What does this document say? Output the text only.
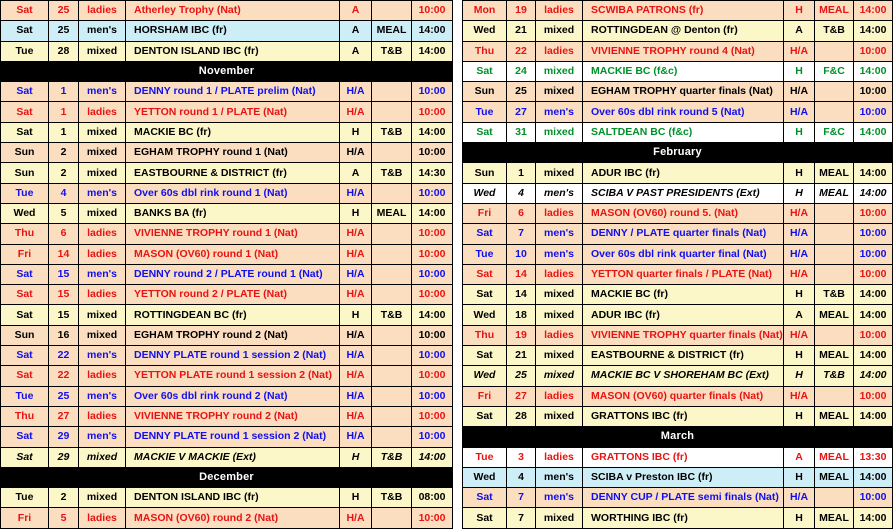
Sat	25	ladies	Atherley Trophy (Nat)	A		10:00
Sat	25	men's	HORSHAM IBC (fr)	A	MEAL	14:00
Tue	28	mixed	DENTON ISLAND IBC (fr)	A	T&B	14:00
November						
Sat	1	men's	DENNY round 1 / PLATE prelim (Nat)	H/A		10:00
Sat	1	ladies	YETTON round 1 / PLATE (Nat)	H/A		10:00
Sat	1	mixed	MACKIE BC (fr)	H	T&B	14:00
Sun	2	mixed	EGHAM TROPHY round 1 (Nat)	H/A		10:00
Sun	2	mixed	EASTBOURNE & DISTRICT (fr)	A	T&B	14:30
Tue	4	men's	Over 60s dbl rink round 1 (Nat)	H/A		10:00
Wed	5	mixed	BANKS BA (fr)	H	MEAL	14:00
Thu	6	ladies	VIVIENNE TROPHY round 1 (Nat)	H/A		10:00
Fri	14	ladies	MASON (OV60) round 1 (Nat)	H/A		10:00
Sat	15	men's	DENNY round 2 / PLATE round 1 (Nat)	H/A		10:00
Sat	15	ladies	YETTON round 2 / PLATE (Nat)	H/A		10:00
Sat	15	mixed	ROTTINGDEAN BC (fr)	H	T&B	14:00
Sun	16	mixed	EGHAM TROPHY round 2 (Nat)	H/A		10:00
Sat	22	men's	DENNY PLATE round 1 session 2 (Nat)	H/A		10:00
Sat	22	ladies	YETTON PLATE round 1 session 2 (Nat)	H/A		10:00
Tue	25	men's	Over 60s dbl rink round 2 (Nat)	H/A		10:00
Thu	27	ladies	VIVIENNE TROPHY round 2 (Nat)	H/A		10:00
Sat	29	men's	DENNY PLATE round 1 session 2 (Nat)	H/A		10:00
Sat	29	mixed	MACKIE V MACKIE (Ext)	H	T&B	14:00
December						
Tue	2	mixed	DENTON ISLAND IBC (fr)	H	T&B	08:00
Fri	5	ladies	MASON (OV60) round 2 (Nat)	H/A		10:00
Mon	19	ladies	SCWIBA PATRONS (fr)	H	MEAL	14:00
Wed	21	mixed	ROTTINGDEAN @ Denton (fr)	A	T&B	14:00
Thu	22	ladies	VIVIENNE TROPHY round 4 (Nat)	H/A		10:00
Sat	24	mixed	MACKIE BC (f&c)	H	F&C	14:00
Sun	25	mixed	EGHAM TROPHY quarter finals (Nat)	H/A		10:00
Tue	27	men's	Over 60s dbl rink round 5 (Nat)	H/A		10:00
Sat	31	mixed	SALTDEAN BC (f&c)	H	F&C	14:00
February						
Sun	1	mixed	ADUR IBC (fr)	H	MEAL	14:00
Wed	4	men's	SCIBA V PAST PRESIDENTS (Ext)	H	MEAL	14:00
Fri	6	ladies	MASON (OV60) round 5. (Nat)	H/A		10:00
Sat	7	men's	DENNY / PLATE quarter finals (Nat)	H/A		10:00
Tue	10	men's	Over 60s dbl rink quarter final (Nat)	H/A		10:00
Sat	14	ladies	YETTON quarter finals / PLATE (Nat)	H/A		10:00
Sat	14	mixed	MACKIE BC (fr)	H	T&B	14:00
Wed	18	mixed	ADUR IBC (fr)	A	MEAL	14:00
Thu	19	ladies	VIVIENNE TROPHY quarter finals (Nat)	H/A		10:00
Sat	21	mixed	EASTBOURNE & DISTRICT (fr)	H	MEAL	14:00
Wed	25	mixed	MACKIE BC V SHOREHAM BC (Ext)	H	T&B	14:00
Fri	27	ladies	MASON (OV60) quarter finals (Nat)	H/A		10:00
Sat	28	mixed	GRATTONS IBC (fr)	H	MEAL	14:00
March						
Tue	3	ladies	GRATTONS IBC (fr)	A	MEAL	13:30
Wed	4	men's	SCIBA v Preston IBC (fr)	H	MEAL	14:00
Sat	7	men's	DENNY CUP / PLATE semi finals (Nat)	H/A		10:00
Sat	7	mixed	WORTHING IBC (fr)	H	MEAL	14:00
